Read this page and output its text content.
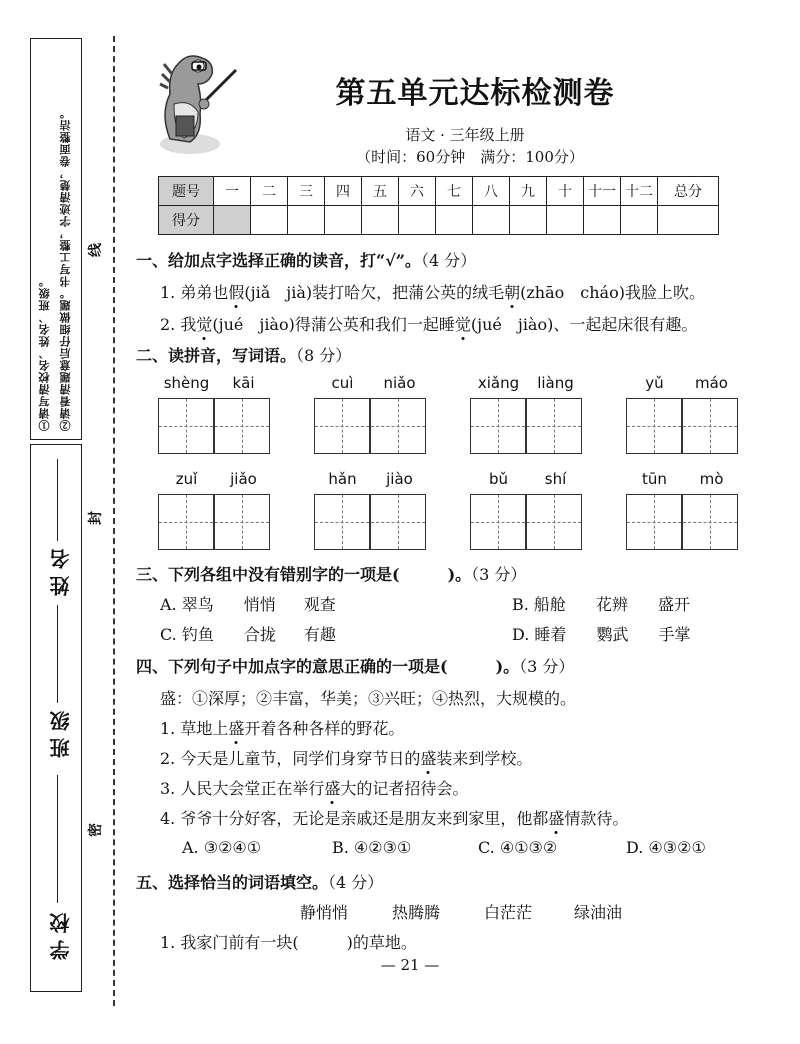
①请写清校名、姓名、班级。 ②请看清题意后仔细做题。书写工整，字迹清楚，卷面整洁。
学 校
班 级
姓 名
线
封
密
第五单元达标检测卷
语文 · 三年级上册
（时间：60分钟　满分：100分）
题号	一	二	三	四	五	六	七	八	九	十	十一	十二	总分
得分													
一、给加点字选择正确的读音，打“√”。（4 分）
1. 弟弟也假(jiǎ　jià)装打哈欠，把蒲公英的绒毛朝(zhāo　cháo)我脸上吹。
2. 我觉(jué　jiào)得蒲公英和我们一起睡觉(jué　jiào)、一起起床很有趣。
二、读拼音，写词语。（8 分）
shèng	kāi	cuì	niǎo	xiǎng	liàng	yǔ	máo
zuǐ	jiǎo	hǎn	jiào	bǔ	shí	tūn	mò
三、下列各组中没有错别字的一项是(　　　)。（3 分）
A. 翠鸟 悄悄 观查	B. 船舱 花辨 盛开
C. 钓鱼 合拢 有趣	D. 睡着 鹦武 手掌
四、下列句子中加点字的意思正确的一项是(　　　)。（3 分）
盛：①深厚；②丰富，华美；③兴旺；④热烈，大规模的。
1. 草地上盛开着各种各样的野花。
2. 今天是儿童节，同学们身穿节日的盛装来到学校。
3. 人民大会堂正在举行盛大的记者招待会。
4. 爷爷十分好客，无论是亲戚还是朋友来到家里，他都盛情款待。
A. ③②④①	B. ④②③①	C. ④①③②	D. ④③②①
五、选择恰当的词语填空。（4 分）
静悄悄	热腾腾	白茫茫	绿油油
1. 我家门前有一块(　　　)的草地。
— 21 —
